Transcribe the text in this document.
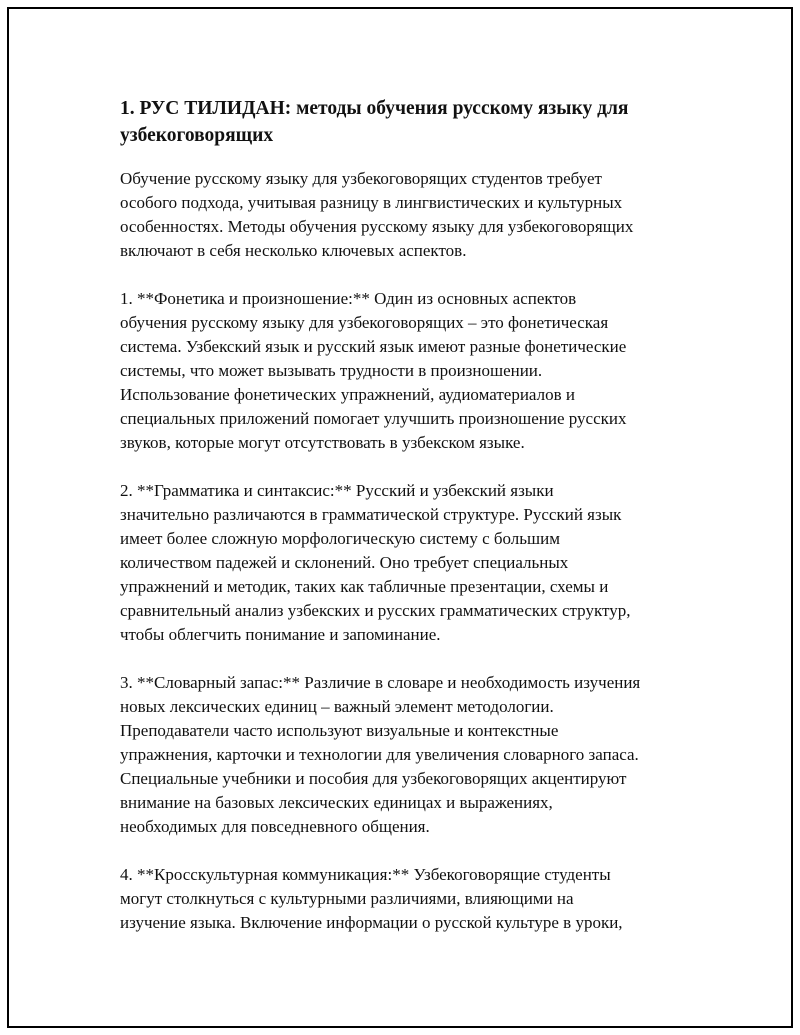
1. РУС ТИЛИДАН: методы обучения русскому языку для узбекоговорящих

Обучение русскому языку для узбекоговорящих студентов требует
особого подхода, учитывая разницу в лингвистических и культурных
особенностях. Методы обучения русскому языку для узбекоговорящих
включают в себя несколько ключевых аспектов.

1. **Фонетика и произношение:** Один из основных аспектов
обучения русскому языку для узбекоговорящих – это фонетическая
система. Узбекский язык и русский язык имеют разные фонетические
системы, что может вызывать трудности в произношении.
Использование фонетических упражнений, аудиоматериалов и
специальных приложений помогает улучшить произношение русских
звуков, которые могут отсутствовать в узбекском языке.

2. **Грамматика и синтаксис:** Русский и узбекский языки
значительно различаются в грамматической структуре. Русский язык
имеет более сложную морфологическую систему с большим
количеством падежей и склонений. Оно требует специальных
упражнений и методик, таких как табличные презентации, схемы и
сравнительный анализ узбекских и русских грамматических структур,
чтобы облегчить понимание и запоминание.

3. **Словарный запас:** Различие в словаре и необходимость изучения
новых лексических единиц – важный элемент методологии.
Преподаватели часто используют визуальные и контекстные
упражнения, карточки и технологии для увеличения словарного запаса.
Специальные учебники и пособия для узбекоговорящих акцентируют
внимание на базовых лексических единицах и выражениях,
необходимых для повседневного общения.

4. **Кросскультурная коммуникация:** Узбекоговорящие студенты
могут столкнуться с культурными различиями, влияющими на
изучение языка. Включение информации о русской культуре в уроки,
